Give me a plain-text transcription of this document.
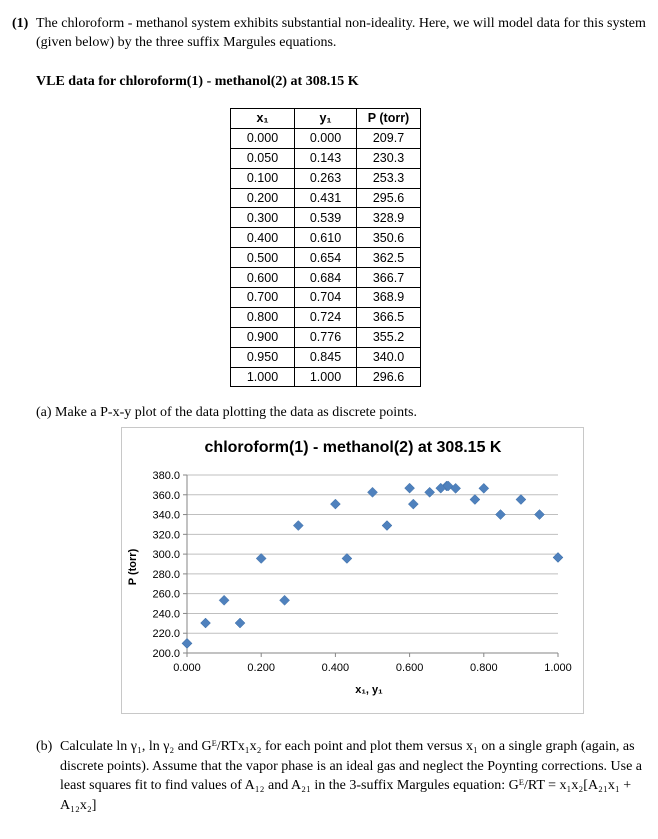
(1) The chloroform - methanol system exhibits substantial non-ideality. Here, we will model data for this system (given below) by the three suffix Margules equations.
VLE data for chloroform(1) - methanol(2) at 308.15 K
x₁	y₁	P (torr)
0.000	0.000	209.7
0.050	0.143	230.3
0.100	0.263	253.3
0.200	0.431	295.6
0.300	0.539	328.9
0.400	0.610	350.6
0.500	0.654	362.5
0.600	0.684	366.7
0.700	0.704	368.9
0.800	0.724	366.5
0.900	0.776	355.2
0.950	0.845	340.0
1.000	1.000	296.6
(a) Make a P-x-y plot of the data plotting the data as discrete points.
chloroform(1) - methanol(2) at 308.15 K
200.0
220.0
240.0
260.0
280.0
300.0
320.0
340.0
360.0
380.0
0.000	0.200	0.400	0.600	0.800	1.000
x₁, y₁
P (torr)
(b) Calculate ln γ₁, ln γ₂ and Gᴱ/RTx₁x₂ for each point and plot them versus x₁ on a single graph (again, as discrete points). Assume that the vapor phase is an ideal gas and neglect the Poynting corrections. Use a least squares fit to find values of A₁₂ and A₂₁ in the 3-suffix Margules equation: Gᴱ/RT = x₁x₂[A₂₁x₁ + A₁₂x₂]
